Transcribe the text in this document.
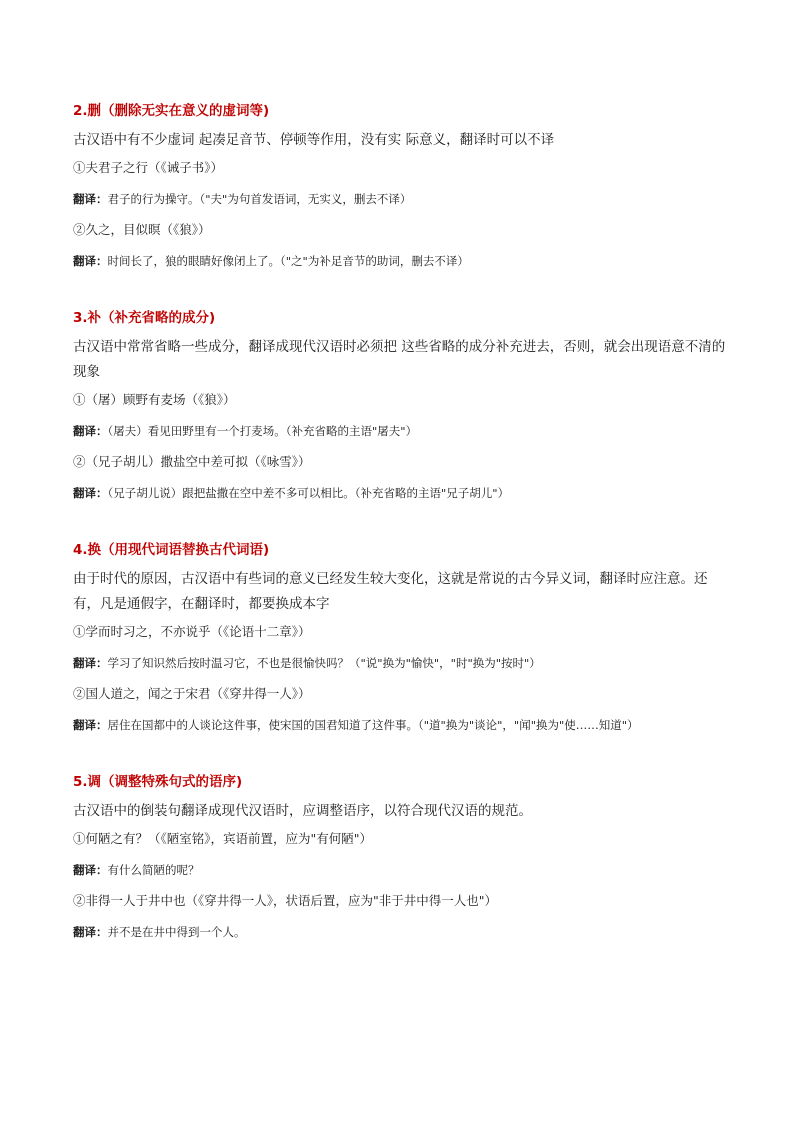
2.删（删除无实在意义的虚词等)
古汉语中有不少虚词 起凑足音节、停顿等作用，没有实 际意义，翻译时可以不译
①夫君子之行（《诫子书》）
翻译：君子的行为操守。（"夫"为句首发语词，无实义，删去不译）
②久之，目似暝（《狼》）
翻译：时间长了，狼的眼睛好像闭上了。（"之"为补足音节的助词，删去不译）
3.补（补充省略的成分)
古汉语中常常省略一些成分，翻译成现代汉语时必须把 这些省略的成分补充进去，否则，就会出现语意不清的现象
①（屠）顾野有麦场（《狼》）
翻译：（屠夫）看见田野里有一个打麦场。（补充省略的主语"屠夫"）
②（兄子胡儿）撒盐空中差可拟（《咏雪》）
翻译：（兄子胡儿说）跟把盐撒在空中差不多可以相比。（补充省略的主语"兄子胡儿"）
4.换（用现代词语替换古代词语)
由于时代的原因，古汉语中有些词的意义已经发生较大变化，这就是常说的古今异义词，翻译时应注意。还有，凡是通假字，在翻译时，都要换成本字
①学而时习之，不亦说乎（《论语十二章》）
翻译：学习了知识然后按时温习它，不也是很愉快吗？（"说"换为"愉快"，"时"换为"按时"）
②国人道之，闻之于宋君（《穿井得一人》）
翻译：居住在国都中的人谈论这件事，使宋国的国君知道了这件事。（"道"换为"谈论"，"闻"换为"使……知道"）
5.调（调整特殊句式的语序)
古汉语中的倒装句翻译成现代汉语时，应调整语序，以符合现代汉语的规范。
①何陋之有？（《陋室铭》，宾语前置，应为"有何陋"）
翻译：有什么简陋的呢？
②非得一人于井中也（《穿井得一人》，状语后置，应为"非于井中得一人也"）
翻译：并不是在井中得到一个人。
